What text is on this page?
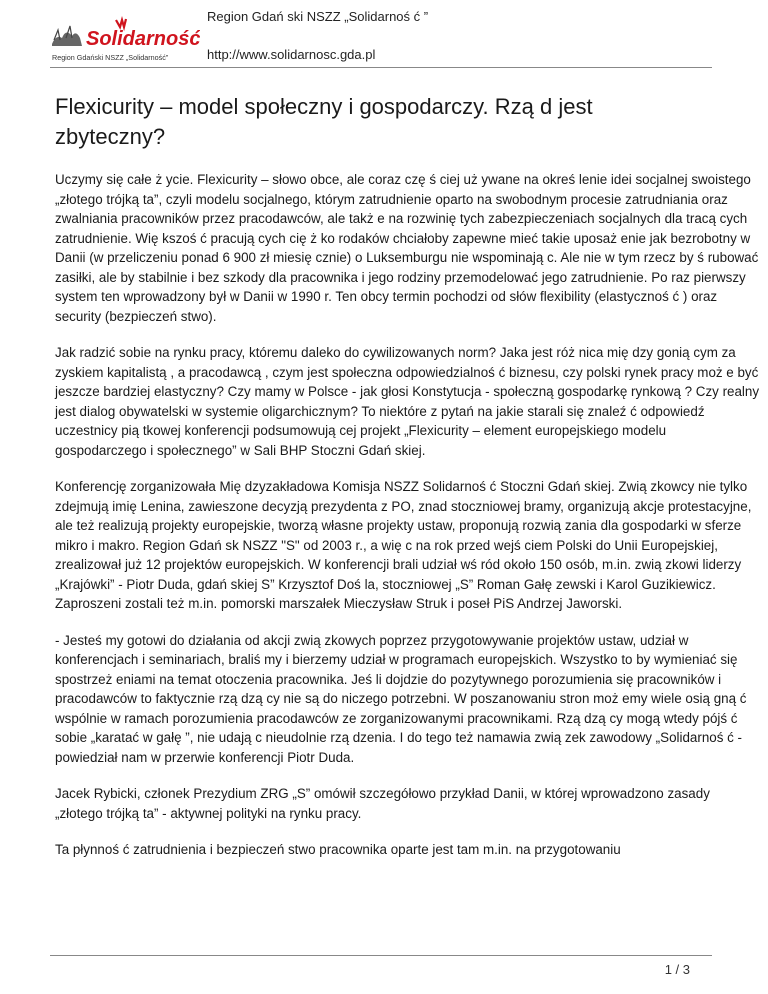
Solidarność
Region Gdański NSZZ „Solidarność”
Region Gdań ski NSZZ „Solidarnoś ć ”
http://www.solidarnosc.gda.pl
Flexicurity – model społeczny i gospodarczy. Rzą d jest zbyteczny?

Uczymy się całe ż ycie. Flexicurity – słowo obce, ale coraz czę ś ciej uż ywane na okreś lenie idei socjalnej swoistego „złotego trójką ta”, czyli modelu socjalnego, którym zatrudnienie oparto na swobodnym procesie zatrudniania oraz zwalniania pracowników przez pracodawców, ale takż e na rozwinię tych zabezpieczeniach socjalnych dla tracą cych zatrudnienie. Wię kszoś ć pracują cych cię ż ko rodaków chciałoby zapewne mieć takie uposaż enie jak bezrobotny w Danii (w przeliczeniu ponad 6 900 zł miesię cznie) o Luksemburgu nie wspominają c. Ale nie w tym rzecz by ś rubować zasiłki, ale by stabilnie i bez szkody dla pracownika i jego rodziny przemodelować jego zatrudnienie. Po raz pierwszy system ten wprowadzony był w Danii w 1990 r. Ten obcy termin pochodzi od słów flexibility (elastycznoś ć ) oraz security (bezpieczeń stwo).

Jak radzić sobie na rynku pracy, któremu daleko do cywilizowanych norm? Jaka jest róż nica mię dzy gonią cym za zyskiem kapitalistą , a pracodawcą , czym jest społeczna odpowiedzialnoś ć biznesu, czy polski rynek pracy moż e być jeszcze bardziej elastyczny? Czy mamy w Polsce - jak głosi Konstytucja - społeczną gospodarkę rynkową ? Czy realny jest dialog obywatelski w systemie oligarchicznym? To niektóre z pytań na jakie starali się znaleź ć odpowiedź uczestnicy pią tkowej konferencji podsumowują cej projekt „Flexicurity – element europejskiego modelu gospodarczego i społecznego” w Sali BHP Stoczni Gdań skiej.

Konferencję zorganizowała Mię dzyzakładowa Komisja NSZZ Solidarnoś ć Stoczni Gdań skiej. Zwią zkowcy nie tylko zdejmują imię Lenina, zawieszone decyzją prezydenta z PO, znad stoczniowej bramy, organizują akcje protestacyjne, ale też realizują projekty europejskie, tworzą własne projekty ustaw, proponują rozwią zania dla gospodarki w sferze mikro i makro. Region Gdań sk NSZZ "S" od 2003 r., a wię c na rok przed wejś ciem Polski do Unii Europejskiej, zrealizował już 12 projektów europejskich. W konferencji brali udział wś ród około 150 osób, m.in. zwią zkowi liderzy „Krajówki” - Piotr Duda, gdań skiej S” Krzysztof Doś la, stoczniowej „S” Roman Gałę zewski i Karol Guzikiewicz. Zaproszeni zostali też m.in. pomorski marszałek Mieczysław Struk i poseł PiS Andrzej Jaworski.

- Jesteś my gotowi do działania od akcji zwią zkowych poprzez przygotowywanie projektów ustaw, udział w konferencjach i seminariach, braliś my i bierzemy udział w programach europejskich. Wszystko to by wymieniać się spostrzeż eniami na temat otoczenia pracownika. Jeś li dojdzie do pozytywnego porozumienia się pracowników i pracodawców to faktycznie rzą dzą cy nie są do niczego potrzebni. W poszanowaniu stron moż emy wiele osią gną ć wspólnie w ramach porozumienia pracodawców ze zorganizowanymi pracownikami. Rzą dzą cy mogą wtedy pójś ć sobie „karatać w gałę ”, nie udają c nieudolnie rzą dzenia. I do tego też namawia zwią zek zawodowy „Solidarnoś ć - powiedział nam w przerwie konferencji Piotr Duda.

Jacek Rybicki, członek Prezydium ZRG „S” omówił szczegółowo przykład Danii, w której wprowadzono zasady „złotego trójką ta” - aktywnej polityki na rynku pracy.

Ta płynnoś ć zatrudnienia i bezpieczeń stwo pracownika oparte jest tam m.in. na przygotowaniu

1 / 3
